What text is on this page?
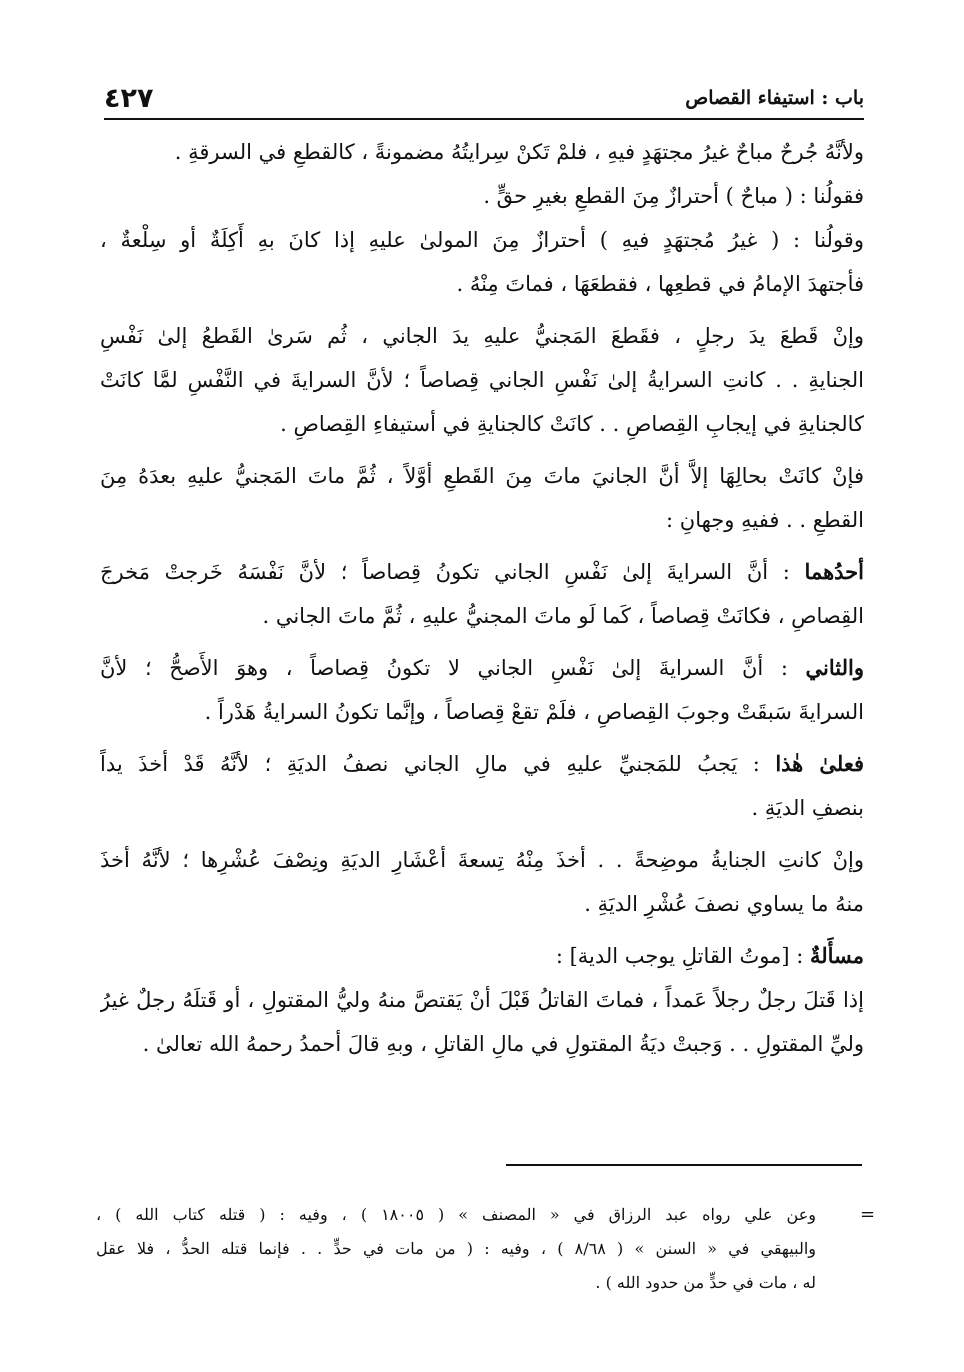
باب : استيفاء القصاص
٤٢٧
ولأنَّهُ جُرحٌ مباحٌ غيرُ مجتهَدٍ فيهِ ، فلمْ تَكنْ سِرايتُهُ مضمونةً ، كالقطعِ في السرقةِ .
فقولُنا : ( مباحٌ ) أحترازٌ مِنَ القطعِ بغيرِ حقٍّ .
وقولُنا : ( غيرُ مُجتهَدٍ فيهِ ) أحترازٌ مِنَ المولىٰ عليهِ إذا كانَ بهِ أَكِلَةٌ أو سِلْعةٌ ،
فأجتهدَ الإمامُ في قطعِها ، فقطعَهَا ، فماتَ مِنْهُ .
وإنْ قَطعَ يدَ رجلٍ ، فقَطعَ المَجنيُّ عليهِ يدَ الجاني ، ثُم سَرىٰ القَطعُ إلىٰ نَفْسِ
الجنايةِ . . كانتِ السرايةُ إلىٰ نَفْسِ الجاني قِصاصاً ؛ لأنَّ السرايةَ في النَّفْسِ لمَّا كانَتْ
كالجنايةِ في إيجابِ القِصاصِ . . كانَتْ كالجنايةِ في أستيفاءِ القِصاصِ .
فإنْ كانَتْ بحالِهَا إلاَّ أنَّ الجانيَ ماتَ مِنَ القَطعِ أوَّلاً ، ثُمَّ ماتَ المَجنيُّ عليهِ بعدَهُ مِنَ
القطعِ . . ففيهِ وجهانِ :
أحدُهما : أنَّ السرايةَ إلىٰ نَفْسِ الجاني تكونُ قِصاصاً ؛ لأنَّ نَفْسَهُ خَرجتْ مَخرجَ
القِصاصِ ، فكانَتْ قِصاصاً ، كَما لَو ماتَ المجنيُّ عليهِ ، ثُمَّ ماتَ الجاني .
والثاني : أنَّ السرايةَ إلىٰ نَفْسِ الجاني لا تكونُ قِصاصاً ، وهوَ الأَصحُّ ؛ لأنَّ
السرايةَ سَبقَتْ وجوبَ القِصاصِ ، فلَمْ تقعْ قِصاصاً ، وإنَّما تكونُ السرايةُ هَدْراً .
فعلىٰ هٰذا : يَجبُ للمَجنيِّ عليهِ في مالِ الجاني نصفُ الديَةِ ؛ لأنَّهُ قَدْ أخذَ يداً
بنصفِ الديَةِ .
وإنْ كانتِ الجنايةُ موضِحةً . . أخذَ مِنْهُ تِسعةَ أعْشَارِ الديَةِ ونِصْفَ عُشْرِها ؛ لأنَّهُ أخذَ
منهُ ما يساوي نصفَ عُشْرِ الديَةِ .
مسأَلةٌ : [موتُ القاتلِ يوجب الدية] :
إذا قَتلَ رجلٌ رجلاً عَمداً ، فماتَ القاتلُ قَبْلَ أنْ يَقتصَّ منهُ وليُّ المقتولِ ، أو قَتلَهُ رجلٌ غيرُ
وليِّ المقتولِ . . وَجبتْ ديَةُ المقتولِ في مالِ القاتلِ ، وبهِ قالَ أحمدُ رحمهُ الله تعالىٰ .
=
وعن علي رواه عبد الرزاق في « المصنف » ( ١٨٠٠٥ ) ، وفيه : ( قتله كتاب الله ) ،
والبيهقي في « السنن » ( ٨/٦٨ ) ، وفيه : ( من مات في حدٍّ . . فإنما قتله الحدُّ ، فلا عقل
له ، مات في حدٍّ من حدود الله ) .
